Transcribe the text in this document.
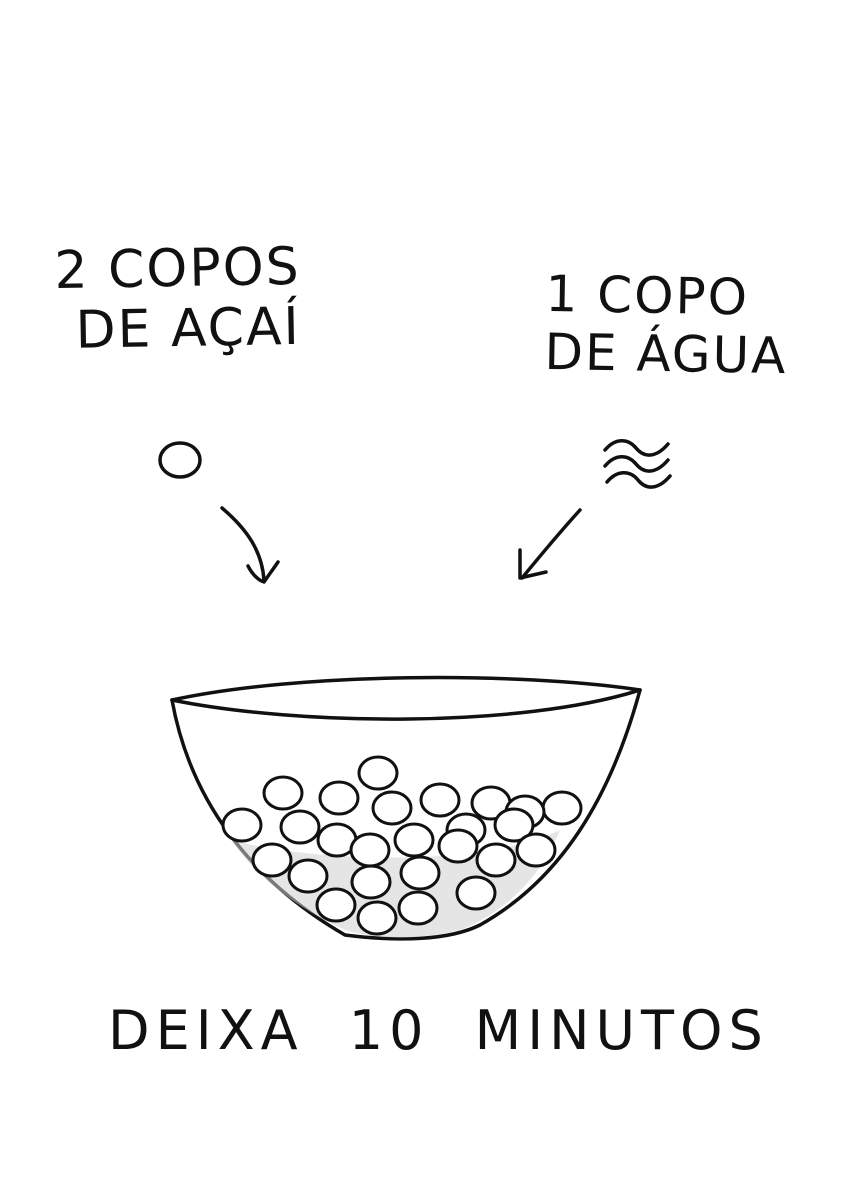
2 COPOS
DE AÇAÍ
1 COPO
DE ÁGUA
DEIXA 10 MINUTOS
